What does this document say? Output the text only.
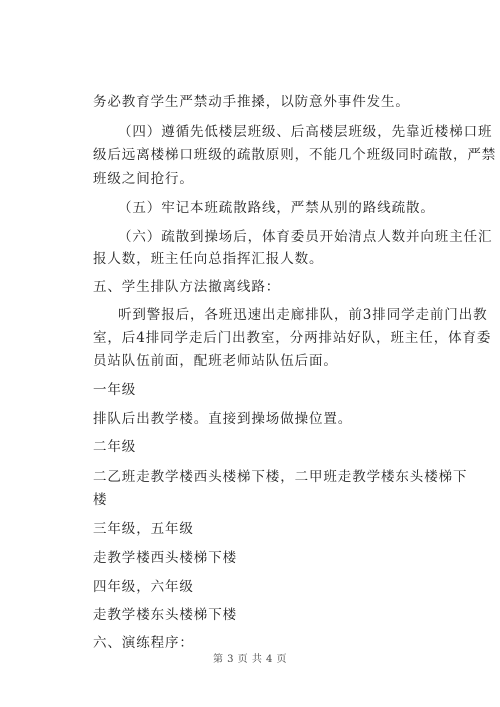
务必教育学生严禁动手推搡，以防意外事件发生。
（四）遵循先低楼层班级、后高楼层班级，先靠近楼梯口班
级后远离楼梯口班级的疏散原则，不能几个班级同时疏散，严禁
班级之间抢行。
（五）牢记本班疏散路线，严禁从别的路线疏散。
（六）疏散到操场后，体育委员开始清点人数并向班主任汇
报人数，班主任向总指挥汇报人数。
五、学生排队方法撤离线路：
听到警报后，各班迅速出走廊排队，前3排同学走前门出教
室，后4排同学走后门出教室，分两排站好队，班主任，体育委
员站队伍前面，配班老师站队伍后面。
一年级
排队后出教学楼。直接到操场做操位置。
二年级
二乙班走教学楼西头楼梯下楼，二甲班走教学楼东头楼梯下
楼
三年级，五年级
走教学楼西头楼梯下楼
四年级，六年级
走教学楼东头楼梯下楼
六、演练程序：
第 3 页 共 4 页
